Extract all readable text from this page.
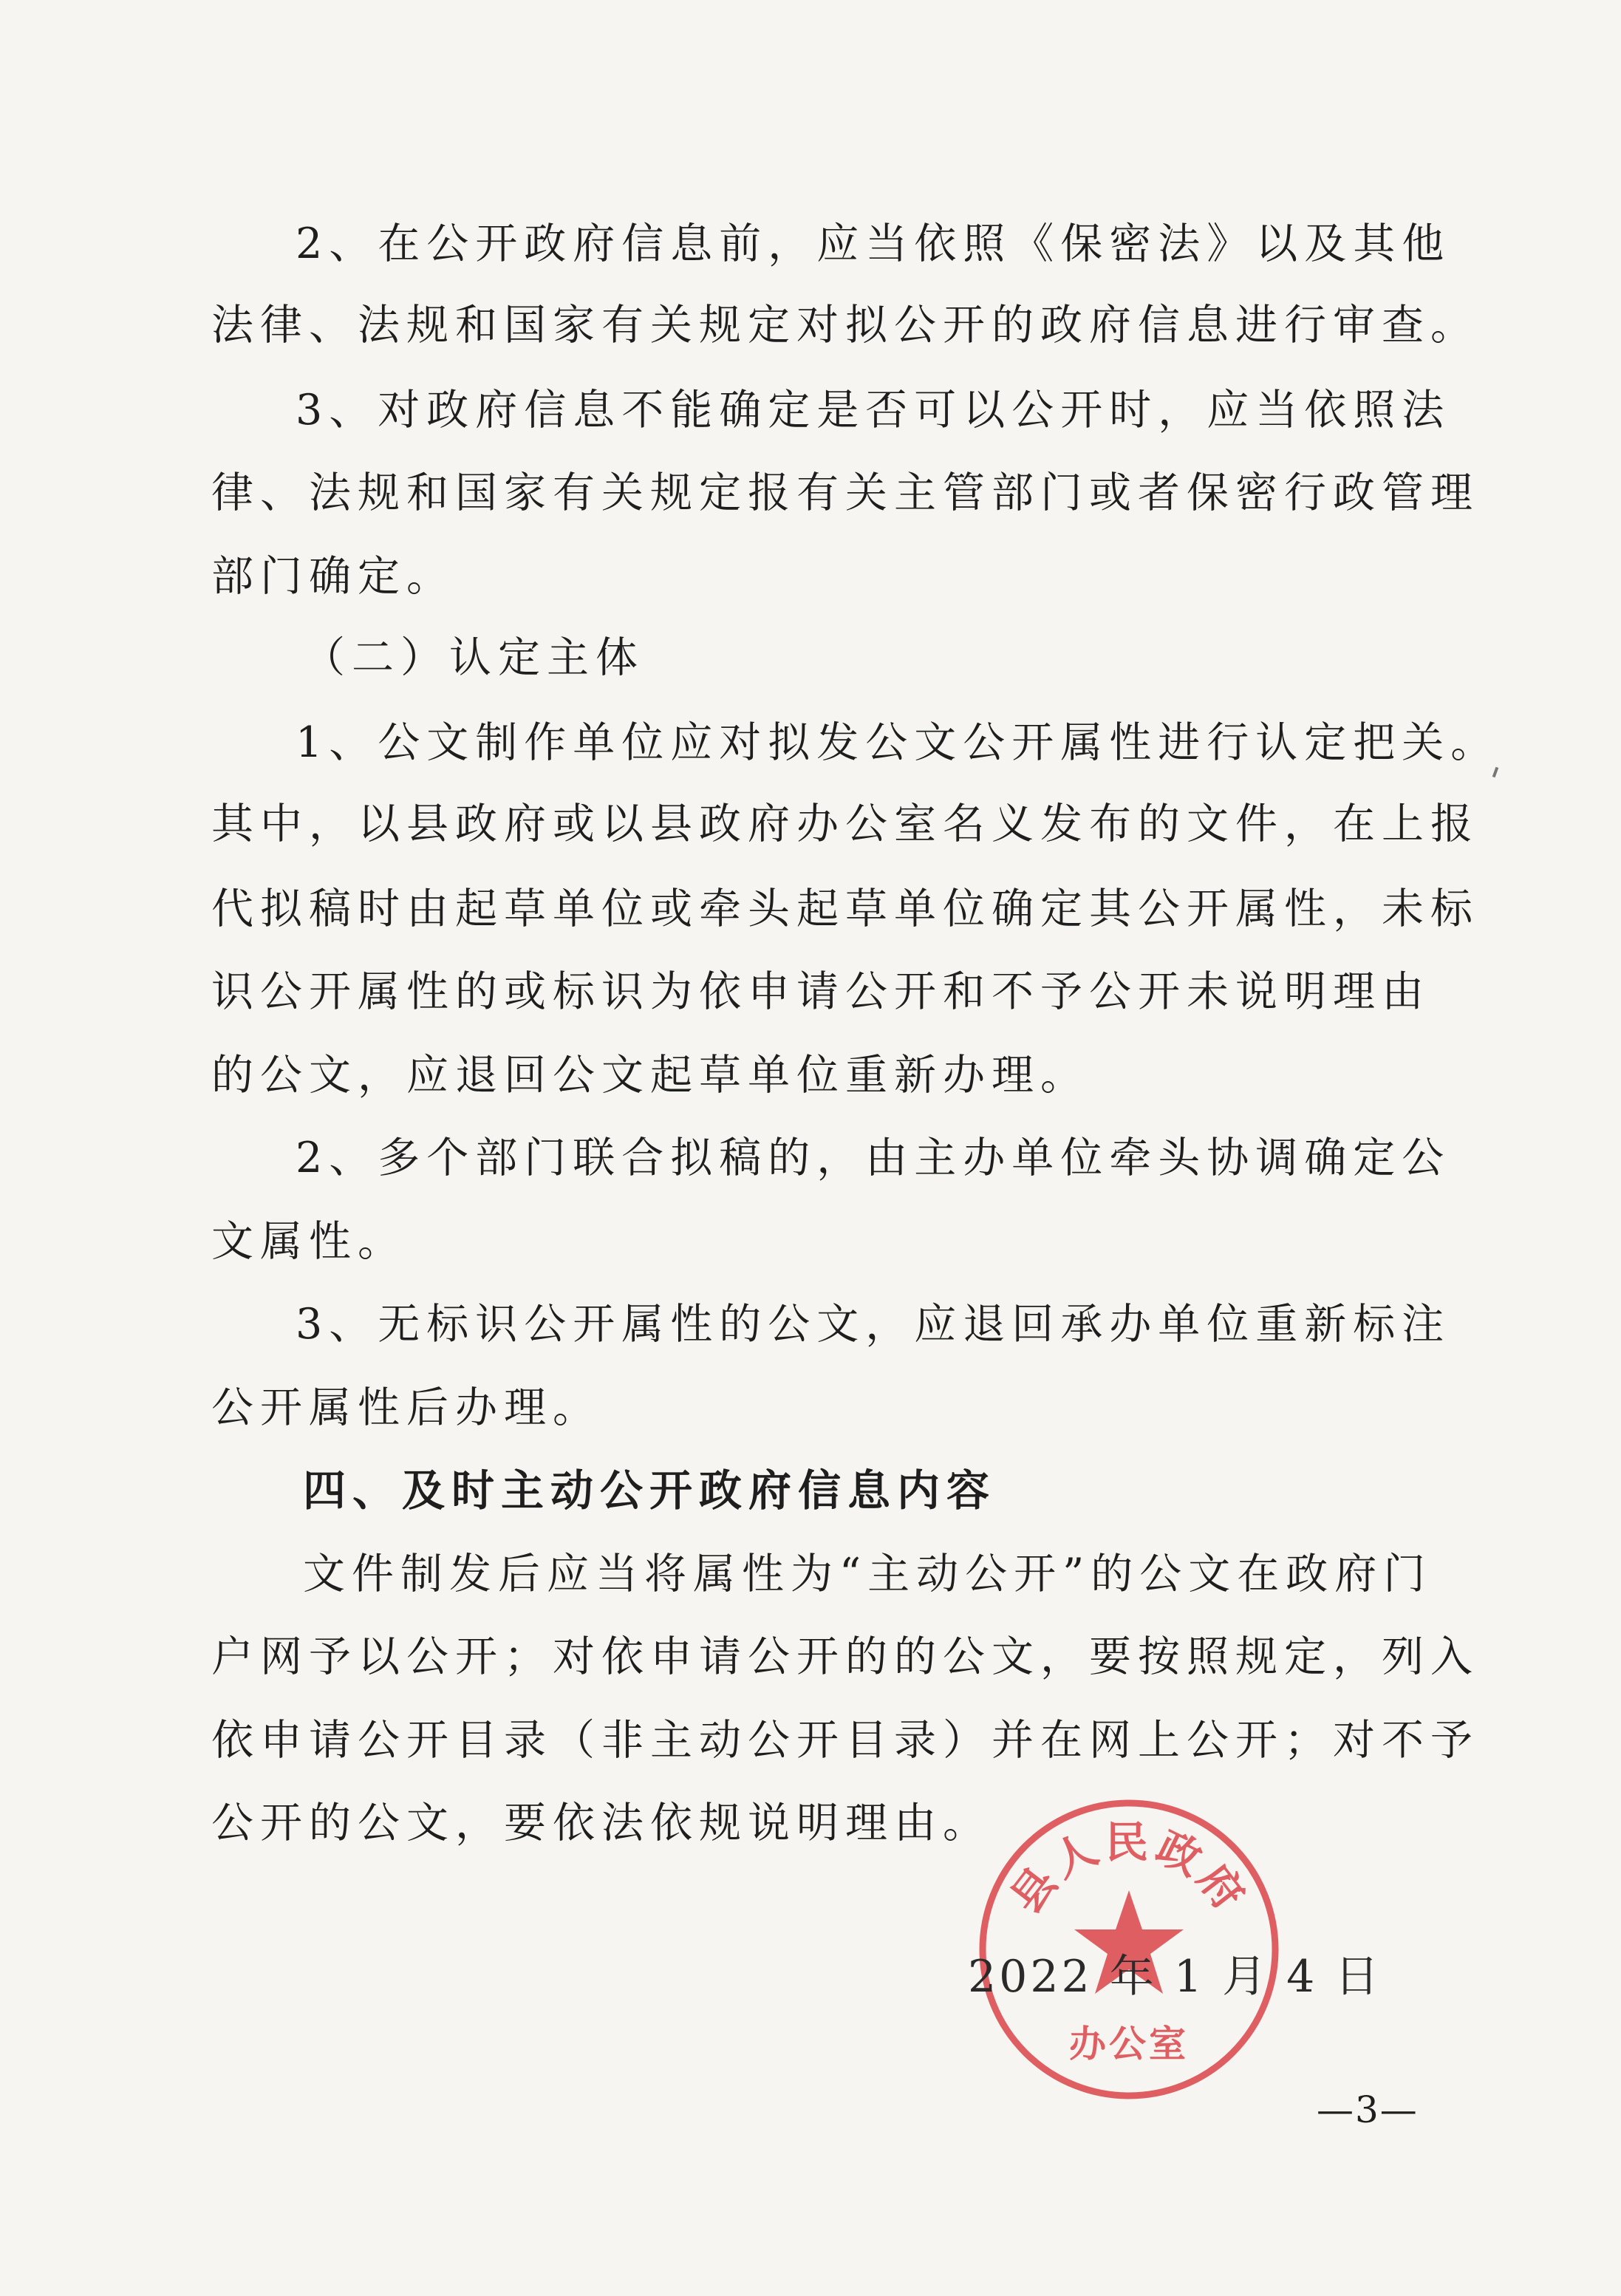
2、在公开政府信息前，应当依照《保密法》以及其他
法律、法规和国家有关规定对拟公开的政府信息进行审查。
3、对政府信息不能确定是否可以公开时，应当依照法
律、法规和国家有关规定报有关主管部门或者保密行政管理
部门确定。
（二）认定主体
1、公文制作单位应对拟发公文公开属性进行认定把关。
其中，以县政府或以县政府办公室名义发布的文件，在上报
代拟稿时由起草单位或牵头起草单位确定其公开属性，未标
识公开属性的或标识为依申请公开和不予公开未说明理由
的公文，应退回公文起草单位重新办理。
2、多个部门联合拟稿的，由主办单位牵头协调确定公
文属性。
3、无标识公开属性的公文，应退回承办单位重新标注
公开属性后办理。
四、及时主动公开政府信息内容
文件制发后应当将属性为“主动公开”的公文在政府门
户网予以公开；对依申请公开的的公文，要按照规定，列入
依申请公开目录（非主动公开目录）并在网上公开；对不予
公开的公文，要依法依规说明理由。
县人民政府
办公室
2022 年 1 月 4 日
—3—
